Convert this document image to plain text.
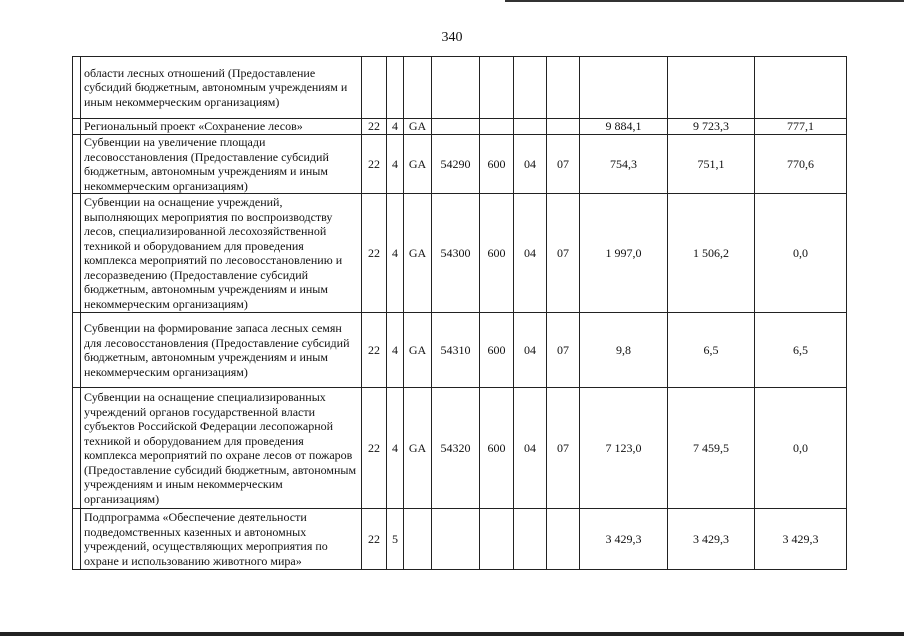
340
	области лесных отношений (Предоставление субсидий бюджетным, автономным учреждениям и иным некоммерческим организациям)										
	Региональный проект «Сохранение лесов»	22	4	GA					9 884,1	9 723,3	777,1
	Субвенции на увеличение площади лесовосстановления (Предоставление субсидий бюджетным, автономным учреждениям и иным некоммерческим организациям)	22	4	GA	54290	600	04	07	754,3	751,1	770,6
	Субвенции на оснащение учреждений, выполняющих мероприятия по воспроизводству лесов, специализированной лесохозяйственной техникой и оборудованием для проведения комплекса мероприятий по лесовосстановлению и лесоразведению (Предоставление субсидий бюджетным, автономным учреждениям и иным некоммерческим организациям)	22	4	GA	54300	600	04	07	1 997,0	1 506,2	0,0
	Субвенции на формирование запаса лесных семян для лесовосстановления (Предоставление субсидий бюджетным, автономным учреждениям и иным некоммерческим организациям)	22	4	GA	54310	600	04	07	9,8	6,5	6,5
	Субвенции на оснащение специализированных учреждений органов государственной власти субъектов Российской Федерации лесопожарной техникой и оборудованием для проведения комплекса мероприятий по охране лесов от пожаров (Предоставление субсидий бюджетным, автономным учреждениям и иным некоммерческим организациям)	22	4	GA	54320	600	04	07	7 123,0	7 459,5	0,0
	Подпрограмма «Обеспечение деятельности подведомственных казенных и автономных учреждений, осуществляющих мероприятия по охране и использованию животного мира»	22	5						3 429,3	3 429,3	3 429,3
